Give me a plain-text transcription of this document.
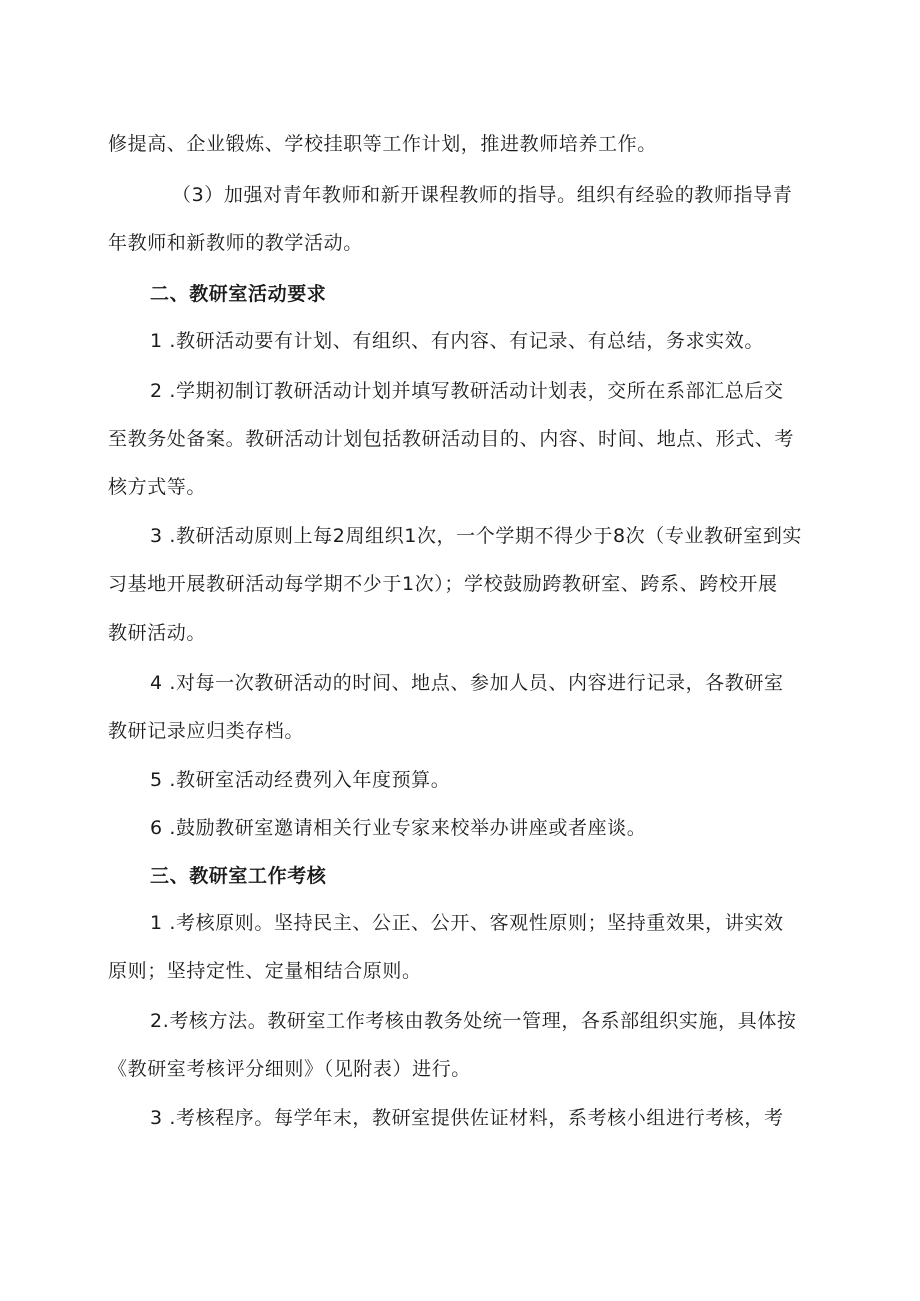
修提高、企业锻炼、学校挂职等工作计划，推进教师培养工作。
（3）加强对青年教师和新开课程教师的指导。组织有经验的教师指导青
年教师和新教师的教学活动。
二、教研室活动要求
1 .教研活动要有计划、有组织、有内容、有记录、有总结，务求实效。
2 .学期初制订教研活动计划并填写教研活动计划表，交所在系部汇总后交
至教务处备案。教研活动计划包括教研活动目的、内容、时间、地点、形式、考
核方式等。
3 .教研活动原则上每2周组织1次，一个学期不得少于8次（专业教研室到实
习基地开展教研活动每学期不少于1次）；学校鼓励跨教研室、跨系、跨校开展
教研活动。
4 .对每一次教研活动的时间、地点、参加人员、内容进行记录，各教研室
教研记录应归类存档。
5 .教研室活动经费列入年度预算。
6 .鼓励教研室邀请相关行业专家来校举办讲座或者座谈。
三、教研室工作考核
1 .考核原则。坚持民主、公正、公开、客观性原则；坚持重效果，讲实效
原则；坚持定性、定量相结合原则。
2.考核方法。教研室工作考核由教务处统一管理，各系部组织实施，具体按
《教研室考核评分细则》（见附表）进行。
3 .考核程序。每学年末，教研室提供佐证材料，系考核小组进行考核，考
